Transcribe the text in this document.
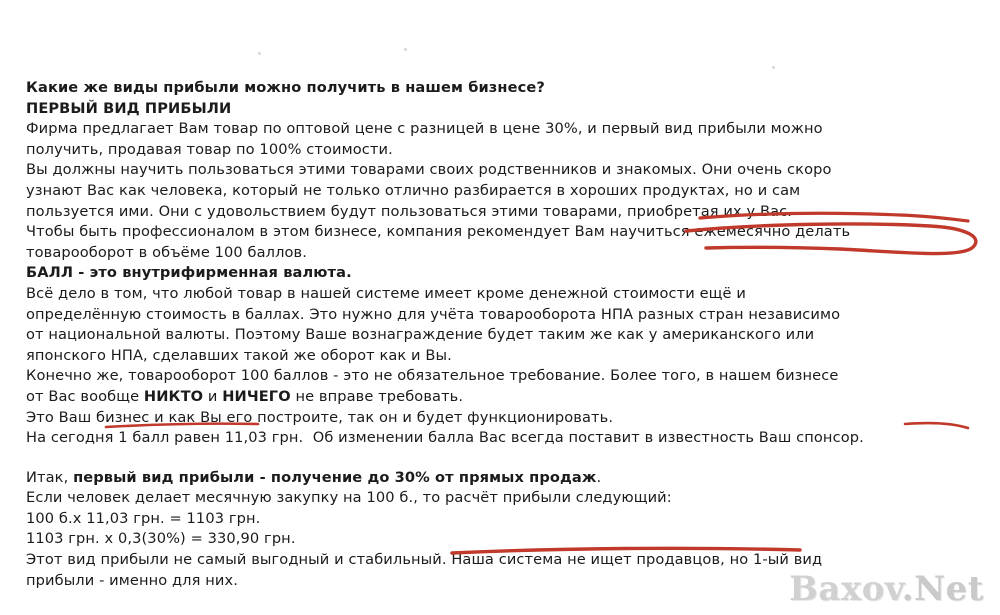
Какие же виды прибыли можно получить в нашем бизнесе?
ПЕРВЫЙ ВИД ПРИБЫЛИ
Фирма предлагает Вам товар по оптовой цене с разницей в цене 30%, и первый вид прибыли можно
получить, продавая товар по 100% стоимости.
Вы должны научить пользоваться этими товарами своих родственников и знакомых. Они очень скоро
узнают Вас как человека, который не только отлично разбирается в хороших продуктах, но и сам
пользуется ими. Они с удовольствием будут пользоваться этими товарами, приобретая их у Вас.
Чтобы быть профессионалом в этом бизнесе, компания рекомендует Вам научиться ежемесячно делать
товарооборот в объёме 100 баллов.
БАЛЛ - это внутрифирменная валюта.
Всё дело в том, что любой товар в нашей системе имеет кроме денежной стоимости ещё и
определённую стоимость в баллах. Это нужно для учёта товарооборота НПА разных стран независимо
от национальной валюты. Поэтому Ваше вознаграждение будет таким же как у американского или
японского НПА, сделавших такой же оборот как и Вы.
Конечно же, товарооборот 100 баллов - это не обязательное требование. Более того, в нашем бизнесе
от Вас вообще НИКТО и НИЧЕГО не вправе требовать.
Это Ваш бизнес и как Вы его построите, так он и будет функционировать.
На сегодня 1 балл равен 11,03 грн.  Об изменении балла Вас всегда поставит в известность Ваш спонсор.
Итак, первый вид прибыли - получение до 30% от прямых продаж.
Если человек делает месячную закупку на 100 б., то расчёт прибыли следующий:
100 б.х 11,03 грн. = 1103 грн.
1103 грн. х 0,3(30%) = 330,90 грн.
Этот вид прибыли не самый выгодный и стабильный. Наша система не ищет продавцов, но 1-ый вид
прибыли - именно для них.	Baxov.Net
